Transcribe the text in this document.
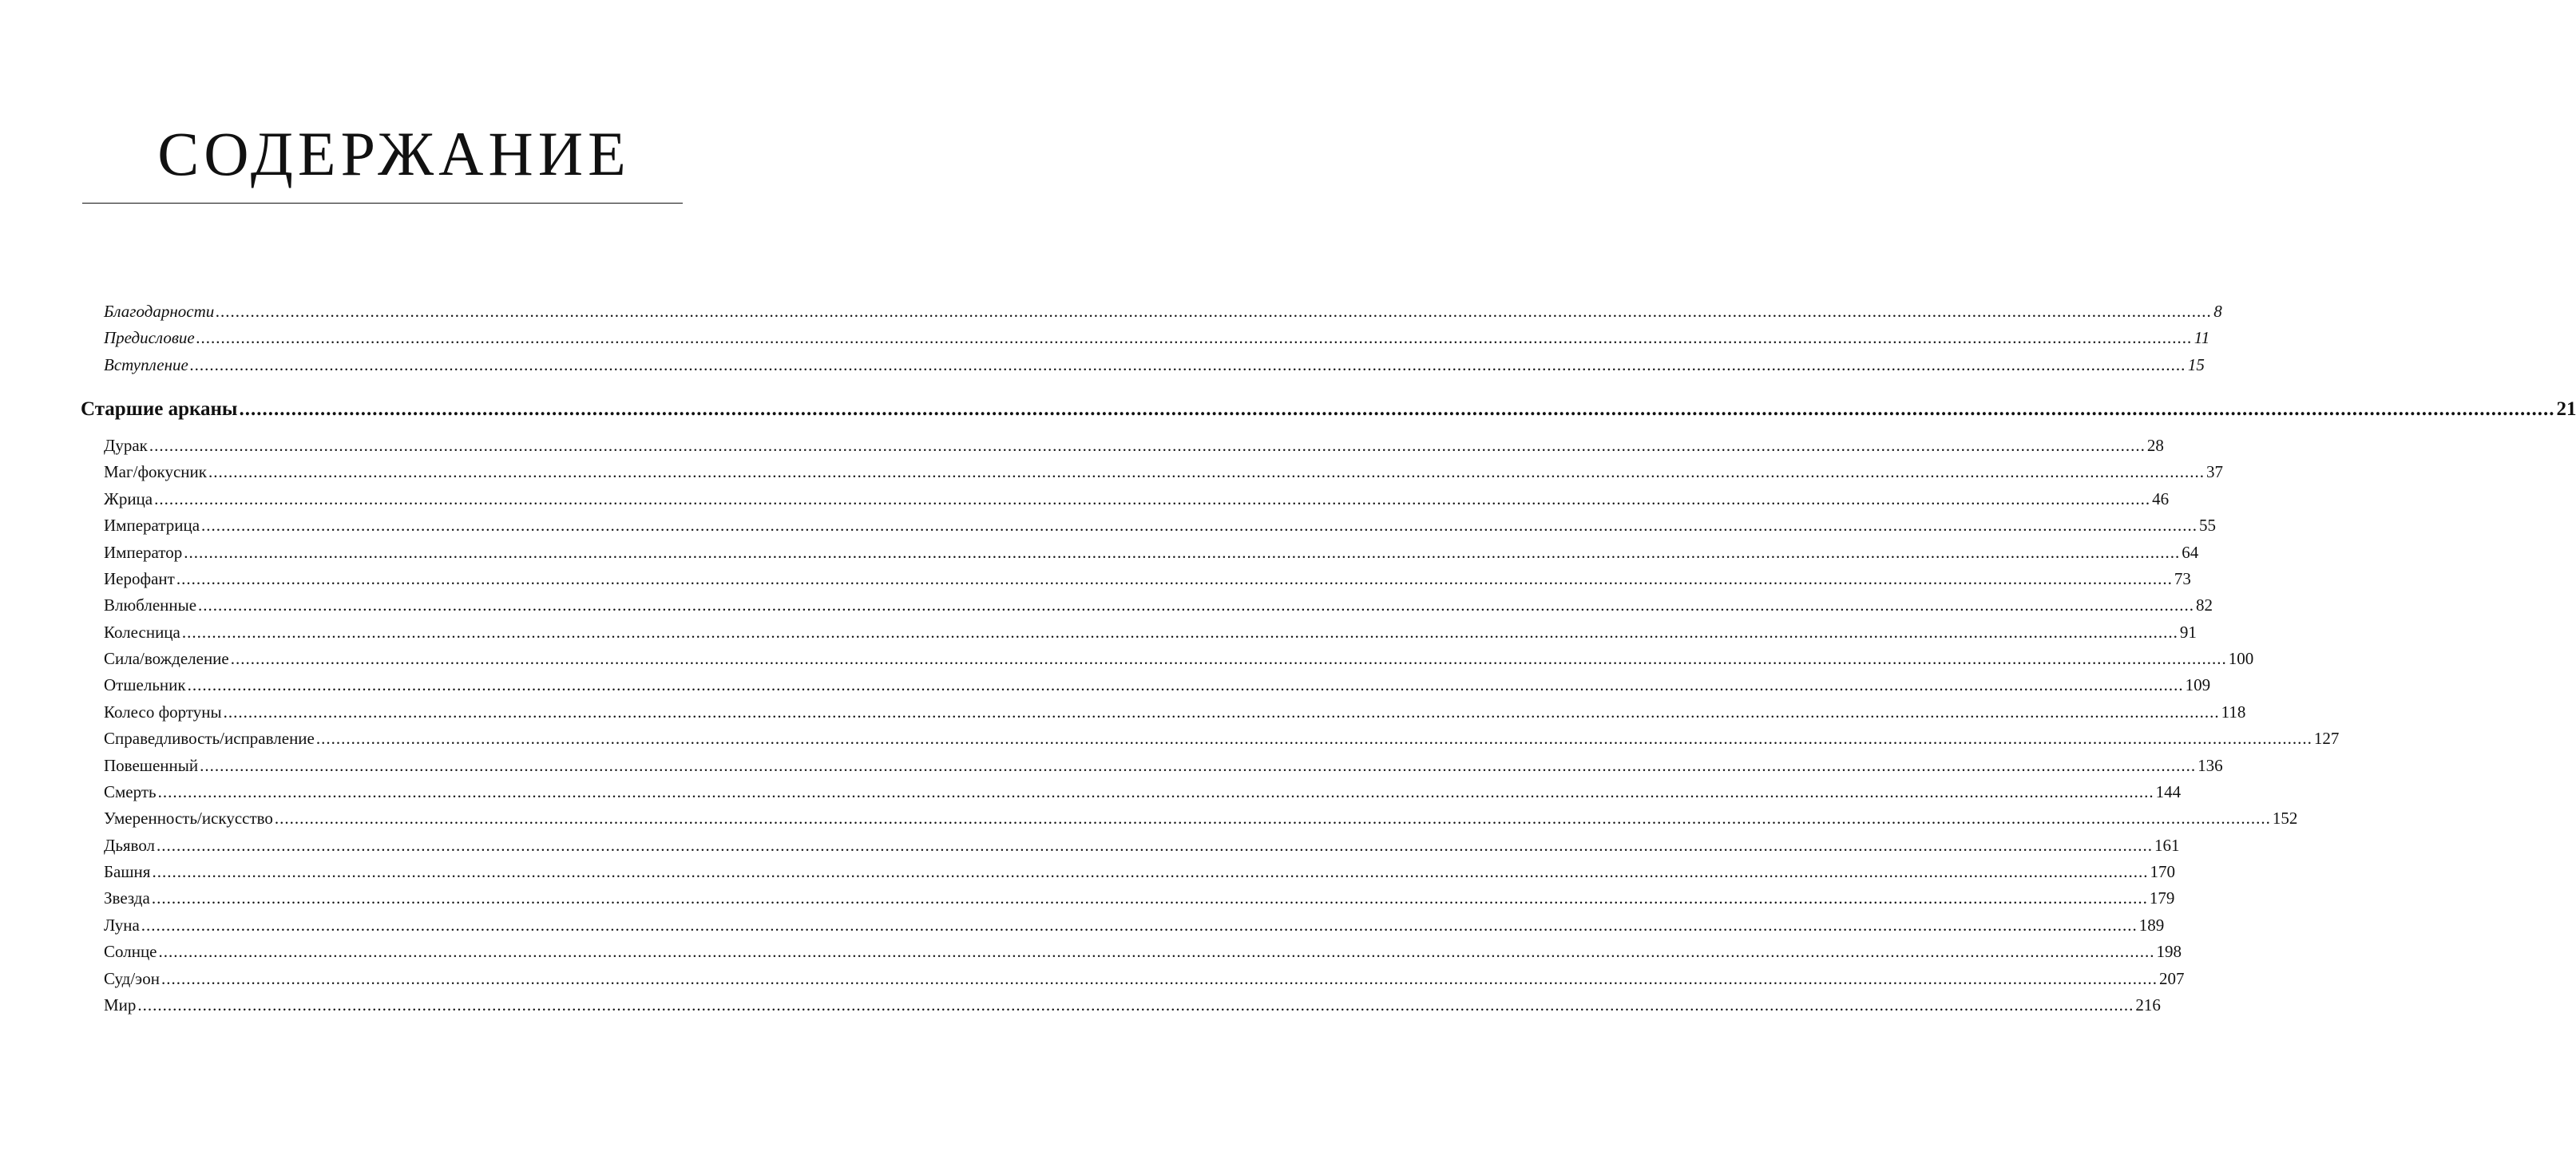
СОДЕРЖАНИЕ
Благодарности ................................................................................................................................................................................................................................................................................................................................................................................................................ 8
Предисловие ................................................................................................................................................................................................................................................................................................................................................................................................................ 11
Вступление ................................................................................................................................................................................................................................................................................................................................................................................................................ 15
Старшие арканы ................................................................................................................................................................................................................................................................................................................................................................................................................ 21
Дурак ................................................................................................................................................................................................................................................................................................................................................................................................................ 28
Маг/фокусник ................................................................................................................................................................................................................................................................................................................................................................................................................ 37
Жрица ................................................................................................................................................................................................................................................................................................................................................................................................................ 46
Императрица ................................................................................................................................................................................................................................................................................................................................................................................................................ 55
Император ................................................................................................................................................................................................................................................................................................................................................................................................................ 64
Иерофант ................................................................................................................................................................................................................................................................................................................................................................................................................ 73
Влюбленные ................................................................................................................................................................................................................................................................................................................................................................................................................ 82
Колесница ................................................................................................................................................................................................................................................................................................................................................................................................................ 91
Сила/вожделение ................................................................................................................................................................................................................................................................................................................................................................................................................ 100
Отшельник ................................................................................................................................................................................................................................................................................................................................................................................................................ 109
Колесо фортуны ................................................................................................................................................................................................................................................................................................................................................................................................................ 118
Справедливость/исправление ................................................................................................................................................................................................................................................................................................................................................................................................................ 127
Повешенный ................................................................................................................................................................................................................................................................................................................................................................................................................ 136
Смерть ................................................................................................................................................................................................................................................................................................................................................................................................................ 144
Умеренность/искусство ................................................................................................................................................................................................................................................................................................................................................................................................................ 152
Дьявол ................................................................................................................................................................................................................................................................................................................................................................................................................ 161
Башня ................................................................................................................................................................................................................................................................................................................................................................................................................ 170
Звезда ................................................................................................................................................................................................................................................................................................................................................................................................................ 179
Луна ................................................................................................................................................................................................................................................................................................................................................................................................................ 189
Солнце ................................................................................................................................................................................................................................................................................................................................................................................................................ 198
Суд/эон ................................................................................................................................................................................................................................................................................................................................................................................................................ 207
Мир ................................................................................................................................................................................................................................................................................................................................................................................................................ 216
